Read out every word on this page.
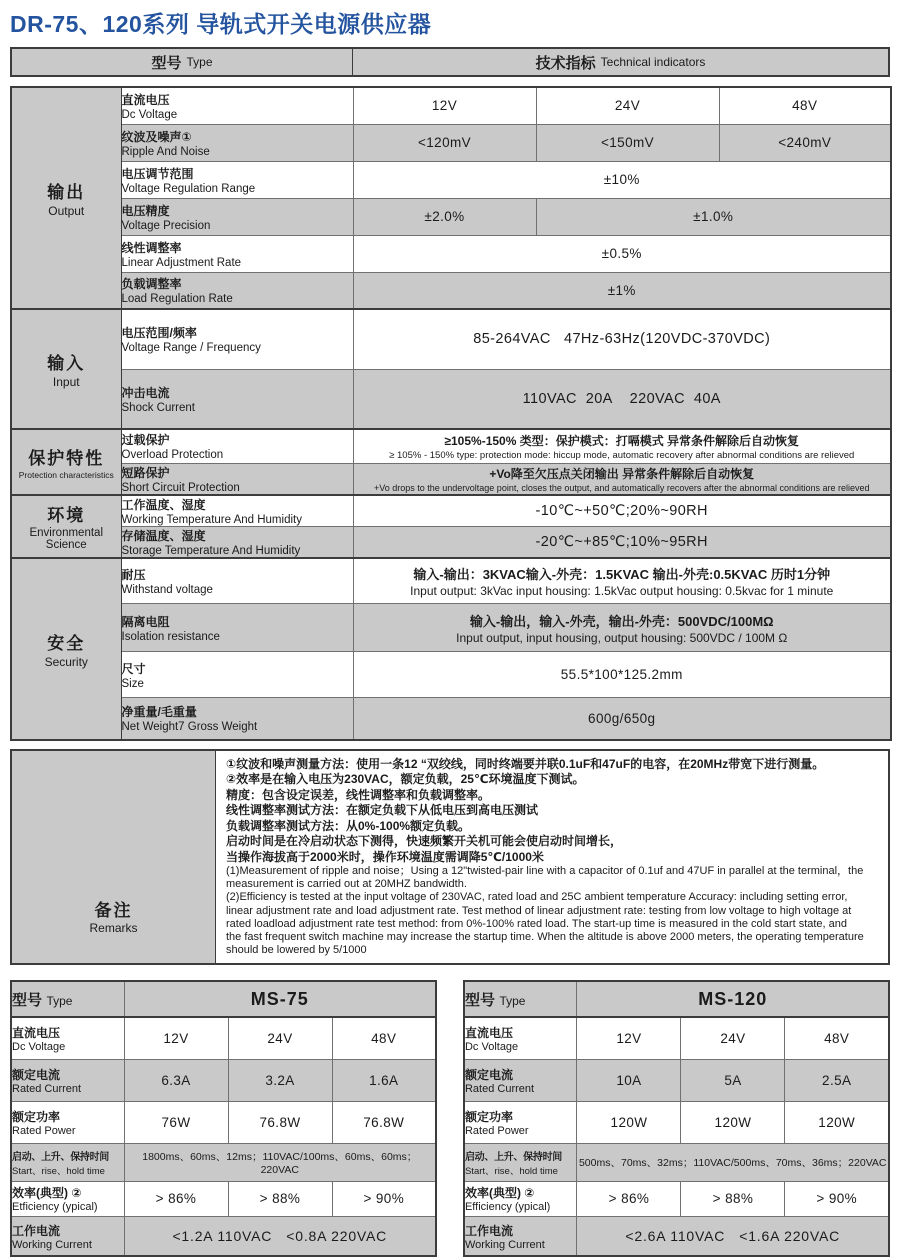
DR-75、120系列 导轨式开关电源供应器
型号 Type	技术指标 Technical indicators
输出
Output	直流电压
Dc Voltage	12V	24V	48V

	纹波及噪声①
Ripple And Noise	<120mV	<150mV	<240mV

	电压调节范围
Voltage Regulation Range	±10%		

	电压精度
Voltage Precision	±2.0%	±1.0%	

	线性调整率
Linear Adjustment Rate	±0.5%		

	负载调整率
Load Regulation Rate	±1%		

输入
Input	电压范围/频率
Voltage Range / Frequency	85-264VAC   47Hz-63Hz(120VDC-370VDC)		

	冲击电流
Shock Current	110VAC  20A    220VAC  40A		

保护特性
Protection characteristics	过载保护
Overload Protection	≥105%-150% 类型：保护模式：打嗝模式 异常条件解除后自动恢复
≥ 105% - 150% type: protection mode: hiccup mode, automatic recovery after abnormal conditions are relieved		

	短路保护
Short Circuit Protection	+Vo降至欠压点关闭输出 异常条件解除后自动恢复
+Vo drops to the undervoltage point, closes the output, and automatically recovers after the abnormal conditions are relieved		

环境
Environmental Science	工作温度、湿度
Working Temperature And Humidity	-10℃~+50℃;20%~90RH		

	存储温度、湿度
Storage Temperature And Humidity	-20℃~+85℃;10%~95RH		

安全
Security	耐压
Withstand voltage	输入-输出：3KVAC输入-外壳：1.5KVAC 输出-外壳:0.5KVAC 历时1分钟
Input output: 3kVac input housing: 1.5kVac output housing: 0.5kvac for 1 minute		

	隔离电阻
Isolation resistance	输入-输出，输入-外壳，输出-外壳：500VDC/100MΩ
Input output, input housing, output housing: 500VDC / 100M Ω		

	尺寸
Size	55.5*100*125.2mm		

	净重量/毛重量
Net Weight7 Gross Weight	600g/650g		
备注
Remarks
①纹波和噪声测量方法：使用一条12 “双绞线，同时终端要并联0.1uF和47uF的电容，在20MHz带宽下进行测量。
②效率是在输入电压为230VAC，额定负载，25℃环境温度下测试。
精度：包含设定误差，线性调整率和负载调整率。
线性调整率测试方法：在额定负载下从低电压到高电压测试
负载调整率测试方法：从0%-100%额定负载。
启动时间是在冷启动状态下测得，快速频繁开关机可能会使启动时间增长，
当操作海拔高于2000米时，操作环境温度需调降5℃/1000米
(1)Measurement of ripple and noise；Using a 12"twisted-pair line with a capacitor of 0.1uf and 47UF in parallel at the terminal，the
measurement is carried out at 20MHZ bandwidth.
(2)Efficiency is tested at the input voltage of 230VAC, rated load and 25C ambient temperature Accuracy: including setting error,
linear adjustment rate and load adjustment rate. Test method of linear adjustment rate: testing from low voltage to high voltage at
rated loadload adjustment rate test method: from 0%-100% rated load. The start-up time is measured in the cold start state, and
the fast frequent switch machine may increase the startup time. When the altitude is above 2000 meters, the operating temperature
should be lowered by 5/1000
型号 Type	MS-75		

直流电压
Dc Voltage	12V	24V	48V

额定电流
Rated Current	6.3A	3.2A	1.6A

额定功率
Rated Power	76W	76.8W	76.8W

启动、上升、保持时间
Start、rise、hold time	1800ms、60ms、12ms；110VAC/100ms、60ms、60ms；220VAC		

效率(典型) ②
Etficiency (ypical)	> 86%	> 88%	> 90%

工作电流
Working Current	<1.2A 110VAC   <0.8A 220VAC		
型号 Type	MS-120		

直流电压
Dc Voltage	12V	24V	48V

额定电流
Rated Current	10A	5A	2.5A

额定功率
Rated Power	120W	120W	120W

启动、上升、保持时间
Start、rise、hold time	500ms、70ms、32ms；110VAC/500ms、70ms、36ms；220VAC		

效率(典型) ②
Efficiency (ypical)	> 86%	> 88%	> 90%

工作电流
Working Current	<2.6A 110VAC   <1.6A 220VAC		
